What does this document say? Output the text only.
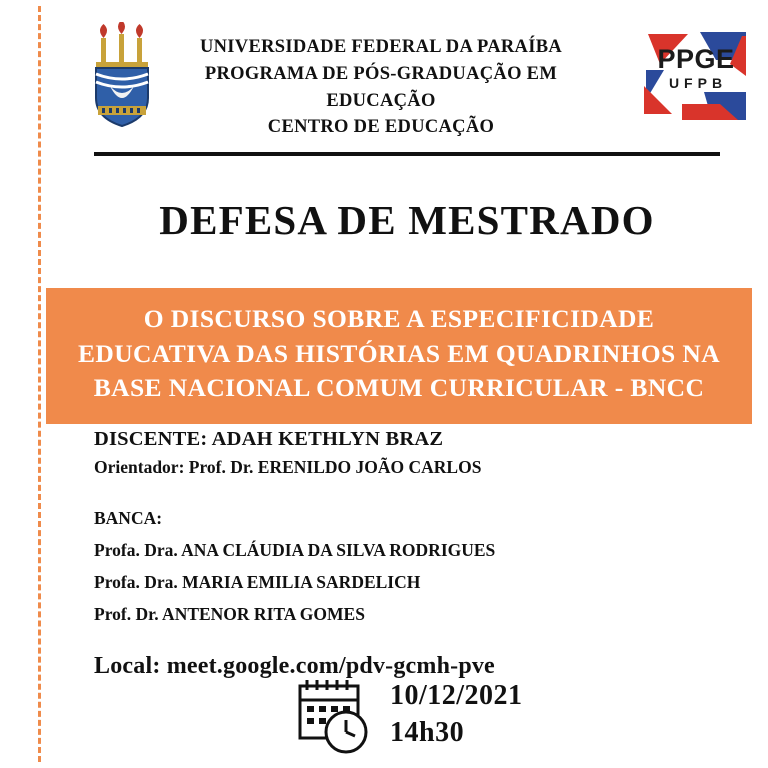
UNIVERSIDADE FEDERAL DA PARAÍBA
PROGRAMA DE PÓS-GRADUAÇÃO EM EDUCAÇÃO
CENTRO DE EDUCAÇÃO
PPGE
UFPB
DEFESA DE MESTRADO
O DISCURSO SOBRE A ESPECIFICIDADE
EDUCATIVA DAS HISTÓRIAS EM QUADRINHOS NA
BASE NACIONAL COMUM CURRICULAR - BNCC
DISCENTE: ADAH KETHLYN BRAZ
Orientador: Prof. Dr. ERENILDO JOÃO CARLOS
BANCA:
Profa. Dra. ANA CLÁUDIA DA SILVA RODRIGUES
Profa. Dra. MARIA EMILIA SARDELICH
Prof. Dr. ANTENOR RITA GOMES
Local: meet.google.com/pdv-gcmh-pve
10/12/2021
14h30
